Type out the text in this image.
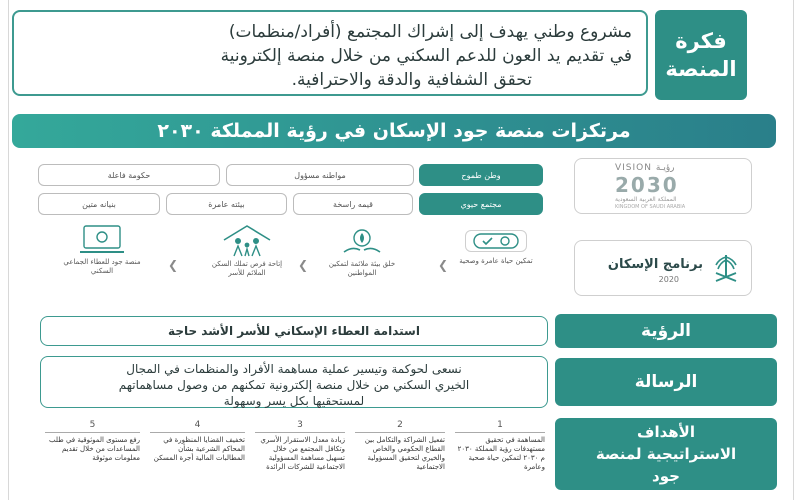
فكرة المنصة
مشروع وطني يهدف إلى إشراك المجتمع (أفراد/منظمات)
في تقديم يد العون للدعم السكني من خلال منصة إلكترونية
تحقق الشفافية والدقة والاحترافية.
مرتكزات منصة جود الإسكان في رؤية المملكة ٢٠٣٠
وطن طموح
مواطنه مسؤول
حكومة فاعلة
مجتمع حيوي
قيمه راسخة
بيئته عامرة
بنيانه متين
VISION رؤيـة
2030
المملكة العربية السعودية
KINGDOM OF SAUDI ARABIA
برنامج الإسكان
2020
تمكين حياة عامرة وصحية
❮
خلق بيئة ملائمة لتمكين المواطنين
❮
إتاحة فرص تملك السكن الملائم للأسر
❮
منصة جود للعطاء الجماعي السكني
الرؤية
استدامة العطاء الإسكاني للأسر الأشد حاجة
الرسالة
نسعى لحوكمة وتيسير عملية مساهمة الأفراد والمنظمات في المجال
الخيري السكني من خلال منصة إلكترونية تمكنهم من وصول مساهماتهم
لمستحقيها بكل يسر وسهولة
الأهداف الاستراتيجية لمنصة جود
1
المساهمة في تحقيق مستهدفات رؤية المملكة ٢٠٣٠ م ٢٠٣٠ لتمكين حياة صحية وعامرة
2
تفعيل الشراكة والتكامل بين القطاع الحكومي والخاص والخيري لتحقيق المسؤولية الاجتماعية
3
زيادة معدل الاستقرار الأسري وتكافل المجتمع من خلال تسهيل مساهمة المسؤولية الاجتماعية للشركات الرائدة
4
تخفيف القضايا المنظورة في المحاكم الشرعية بشأن المطالبات المالية أجرة المسكن
5
رفع مستوى الموثوقية في طلب المساعدات من خلال تقديم معلومات موثوقة
